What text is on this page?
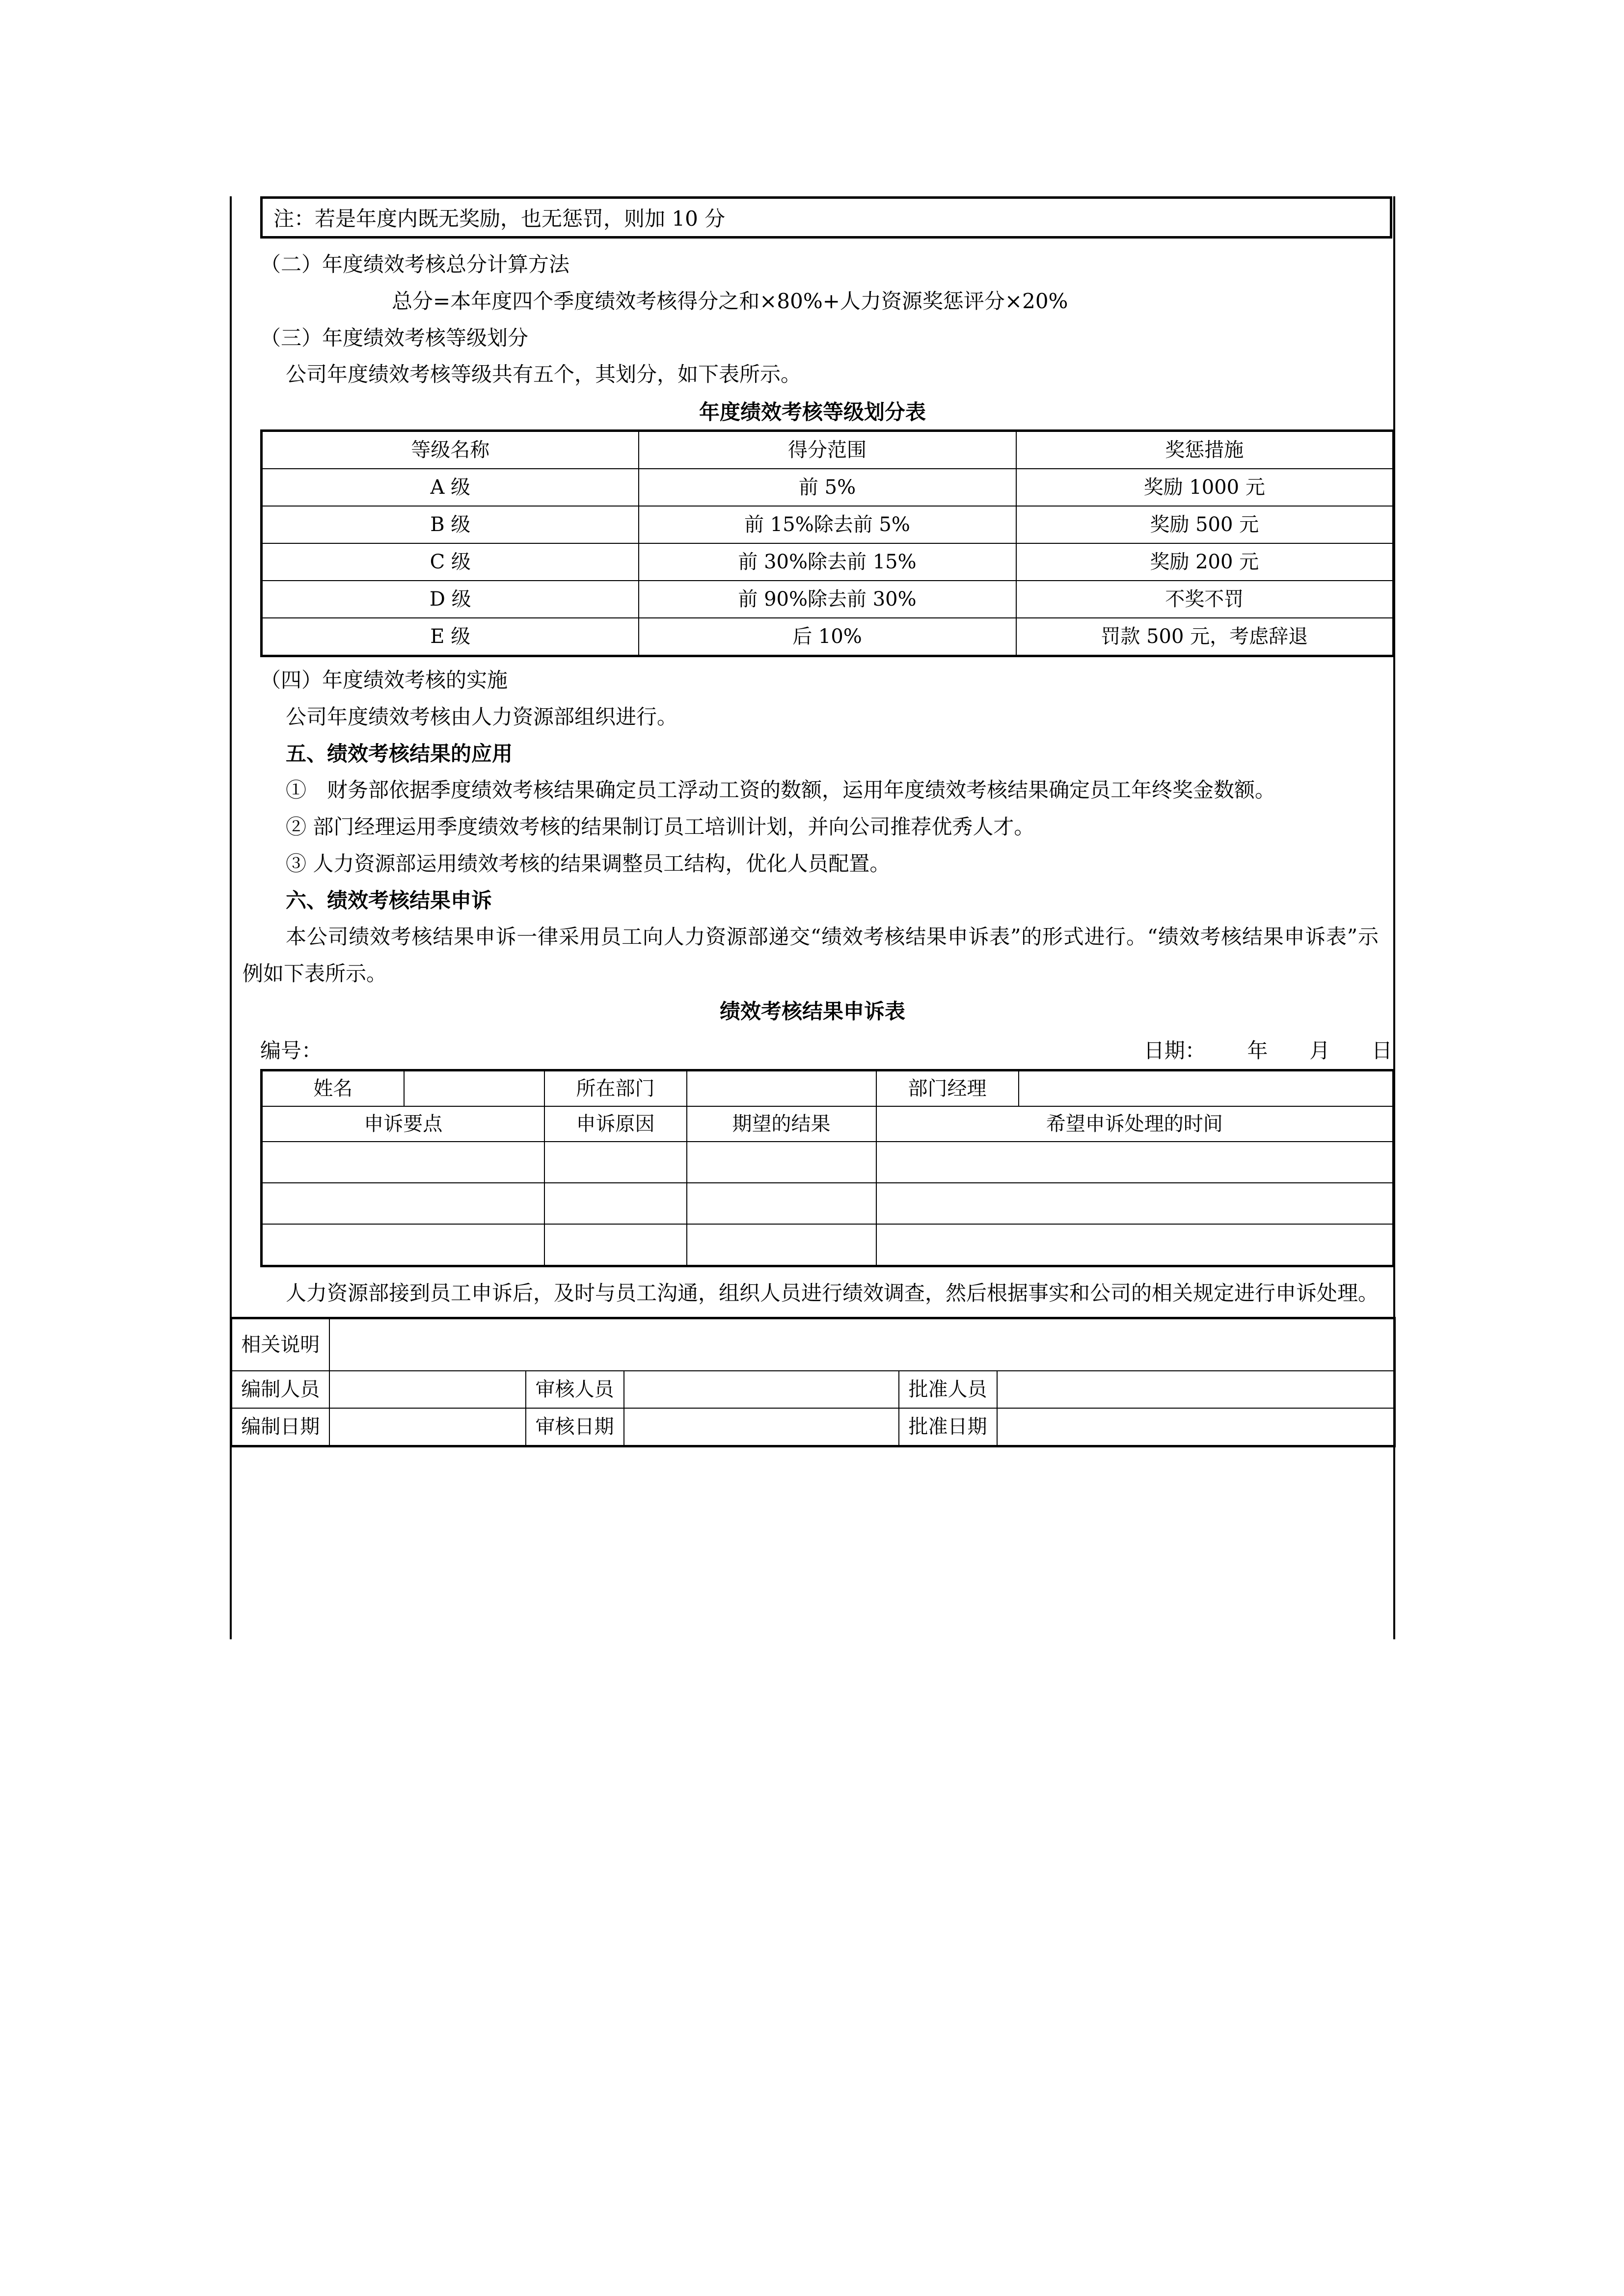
注：若是年度内既无奖励，也无惩罚，则加 10 分

（二）年度绩效考核总分计算方法

总分=本年度四个季度绩效考核得分之和×80%+人力资源奖惩评分×20%

（三）年度绩效考核等级划分

公司年度绩效考核等级共有五个，其划分，如下表所示。

年度绩效考核等级划分表

等级名称	得分范围	奖惩措施
A 级	前 5%	奖励 1000 元
B 级	前 15%除去前 5%	奖励 500 元
C 级	前 30%除去前 15%	奖励 200 元
D 级	前 90%除去前 30%	不奖不罚
E 级	后 10%	罚款 500 元，考虑辞退

（四）年度绩效考核的实施

公司年度绩效考核由人力资源部组织进行。

五、绩效考核结果的应用

①　财务部依据季度绩效考核结果确定员工浮动工资的数额，运用年度绩效考核结果确定员工年终奖金数额。

② 部门经理运用季度绩效考核的结果制订员工培训计划，并向公司推荐优秀人才。

③ 人力资源部运用绩效考核的结果调整员工结构，优化人员配置。

六、绩效考核结果申诉

本公司绩效考核结果申诉一律采用员工向人力资源部递交“绩效考核结果申诉表”的形式进行。“绩效考核结果申诉表”示例如下表所示。

绩效考核结果申诉表

编号：	日期： 年 月 日
姓名		所在部门		部门经理	
申诉要点		申诉原因	期望的结果	希望申诉处理的时间	

人力资源部接到员工申诉后，及时与员工沟通，组织人员进行绩效调查，然后根据事实和公司的相关规定进行申诉处理。

相关说明					
编制人员		审核人员		批准人员	
编制日期		审核日期		批准日期	
